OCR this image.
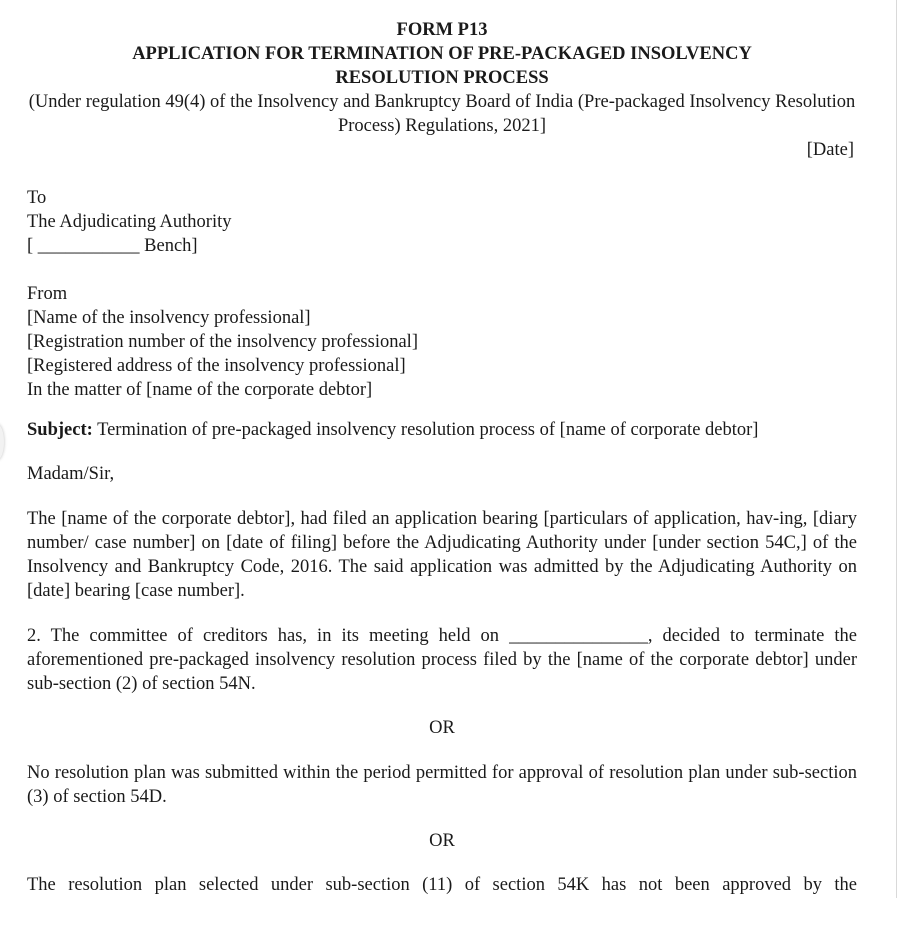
FORM P13

APPLICATION FOR TERMINATION OF PRE-PACKAGED INSOLVENCY RESOLUTION PROCESS

(Under regulation 49(4) of the Insolvency and Bankruptcy Board of India (Pre-packaged Insolvency Resolution Process) Regulations, 2021]

[Date]

To

The Adjudicating Authority

[ ___________ Bench]

From

[Name of the insolvency professional]

[Registration number of the insolvency professional]

[Registered address of the insolvency professional]

In the matter of [name of the corporate debtor]

Subject: Termination of pre-packaged insolvency resolution process of [name of corporate debtor]

Madam/Sir,

The [name of the corporate debtor], had filed an application bearing [particulars of application, hav-ing, [diary number/ case number] on [date of filing] before the Adjudicating Authority under [under section 54C,] of the Insolvency and Bankruptcy Code, 2016. The said application was admitted by the Adjudicating Authority on [date] bearing [case number].

2. The committee of creditors has, in its meeting held on _______________, decided to terminate the aforementioned pre-packaged insolvency resolution process filed by the [name of the corporate debtor] under sub-section (2) of section 54N.

OR

No resolution plan was submitted within the period permitted for approval of resolution plan under sub-section (3) of section 54D.

OR

The resolution plan selected under sub-section (11) of section 54K has not been approved by the
